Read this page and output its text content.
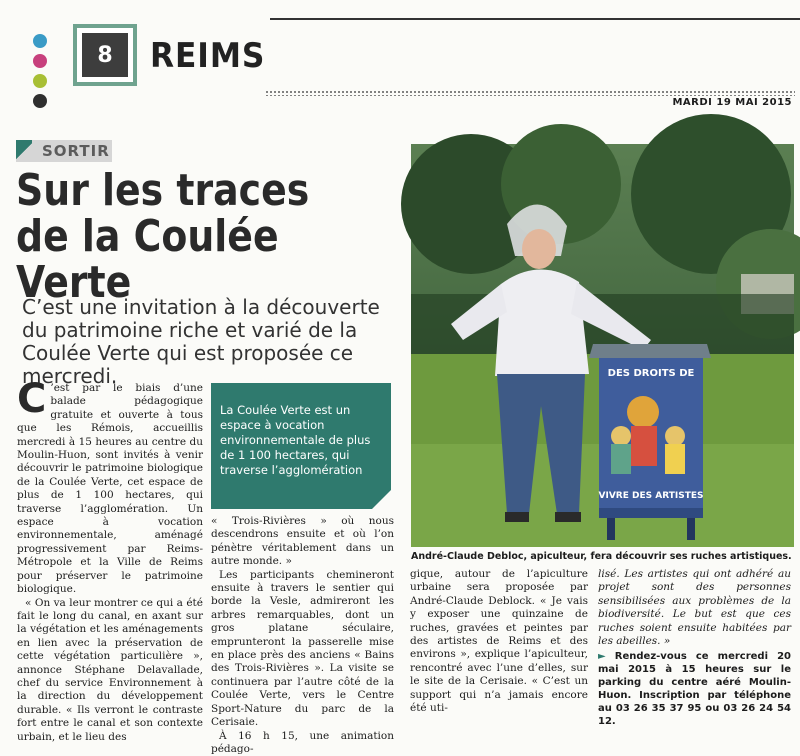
8	REIMS
MARDI 19 MAI 2015
SORTIR
Sur les traces
de la Coulée Verte
C’est une invitation à la découverte du patrimoine riche et varié de la Coulée Verte qui est proposée ce mercredi.

C ’est par le biais d’une balade pédagogique gratuite et ouverte à tous que les Rémois, accueillis mercredi à 15 heures au centre du Moulin-Huon, sont invités à venir découvrir le patrimoine biologique de la Coulée Verte, cet espace de plus de 1 100 hectares, qui traverse l’agglomération. Un espace à vocation environnementale, aménagé progressivement par Reims-Métropole et la Ville de Reims pour préserver le patrimoine biologique.

« On va leur montrer ce qui a été fait le long du canal, en axant sur la végétation et les aménagements en lien avec la préservation de cette végétation particulière », annonce Stéphane Delavallade, chef du service Environnement à la direction du développement durable. « Ils verront le contraste fort entre le canal et son contexte urbain, et le lieu des

La Coulée Verte est un espace à vocation environnementale de plus de 1 100 hectares, qui traverse l’agglomération

« Trois-Rivières » où nous descendrons ensuite et où l’on pénètre véritablement dans un autre monde. »

Les participants chemineront ensuite à travers le sentier qui borde la Vesle, admireront les arbres remarquables, dont un gros platane séculaire, emprunteront la passerelle mise en place près des anciens « Bains des Trois-Rivières ». La visite se continuera par l’autre côté de la Coulée Verte, vers le Centre Sport-Nature du parc de la Cerisaie.

À 16 h 15, une animation pédago-

DES DROITS DE
VIVRE DES ARTISTES
André-Claude Debloc, apiculteur, fera découvrir ses ruches artistiques.

gique, autour de l’apiculture urbaine sera proposée par André-Claude Deblock. « Je vais y exposer une quinzaine de ruches, gravées et peintes par des artistes de Reims et des environs », explique l’apiculteur, rencontré avec l’une d’elles, sur le site de la Cerisaie. « C’est un support qui n’a jamais encore été uti-

lisé. Les artistes qui ont adhéré au projet sont des personnes sensibilisées aux problèmes de la biodiversité. Le but est que ces ruches soient ensuite habitées par les abeilles. »

► Rendez-vous ce mercredi 20 mai 2015 à 15 heures sur le parking du centre aéré Moulin-Huon. Inscription par téléphone au 03 26 35 37 95 ou 03 26 24 54 12.
